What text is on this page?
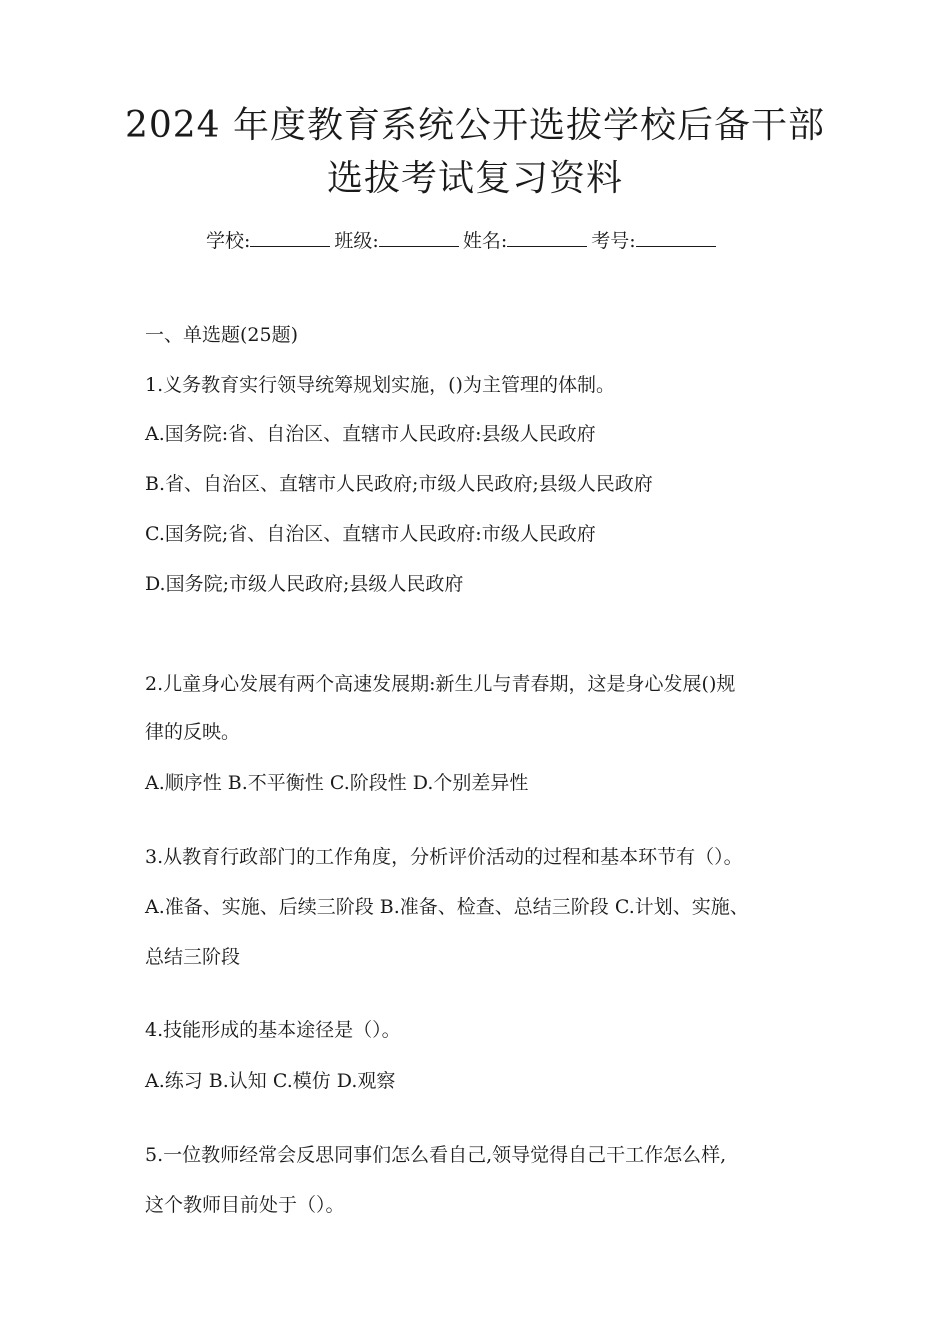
2024 年度教育系统公开选拔学校后备干部
选拔考试复习资料
学校:	班级:	姓名:	考号:
一、单选题(25题)
1.义务教育实行领导统筹规划实施，()为主管理的体制。
A.国务院:省、自治区、直辖市人民政府:县级人民政府
B.省、自治区、直辖市人民政府;市级人民政府;县级人民政府
C.国务院;省、自治区、直辖市人民政府:市级人民政府
D.国务院;市级人民政府;县级人民政府
2.儿童身心发展有两个高速发展期:新生儿与青春期，这是身心发展()规
律的反映。
A.顺序性 B.不平衡性 C.阶段性 D.个别差异性
3.从教育行政部门的工作角度，分析评价活动的过程和基本环节有（）。
A.准备、实施、后续三阶段 B.准备、检查、总结三阶段 C.计划、实施、
总结三阶段
4.技能形成的基本途径是（）。
A.练习 B.认知 C.模仿 D.观察
5.一位教师经常会反思同事们怎么看自己,领导觉得自己干工作怎么样,
这个教师目前处于（）。
